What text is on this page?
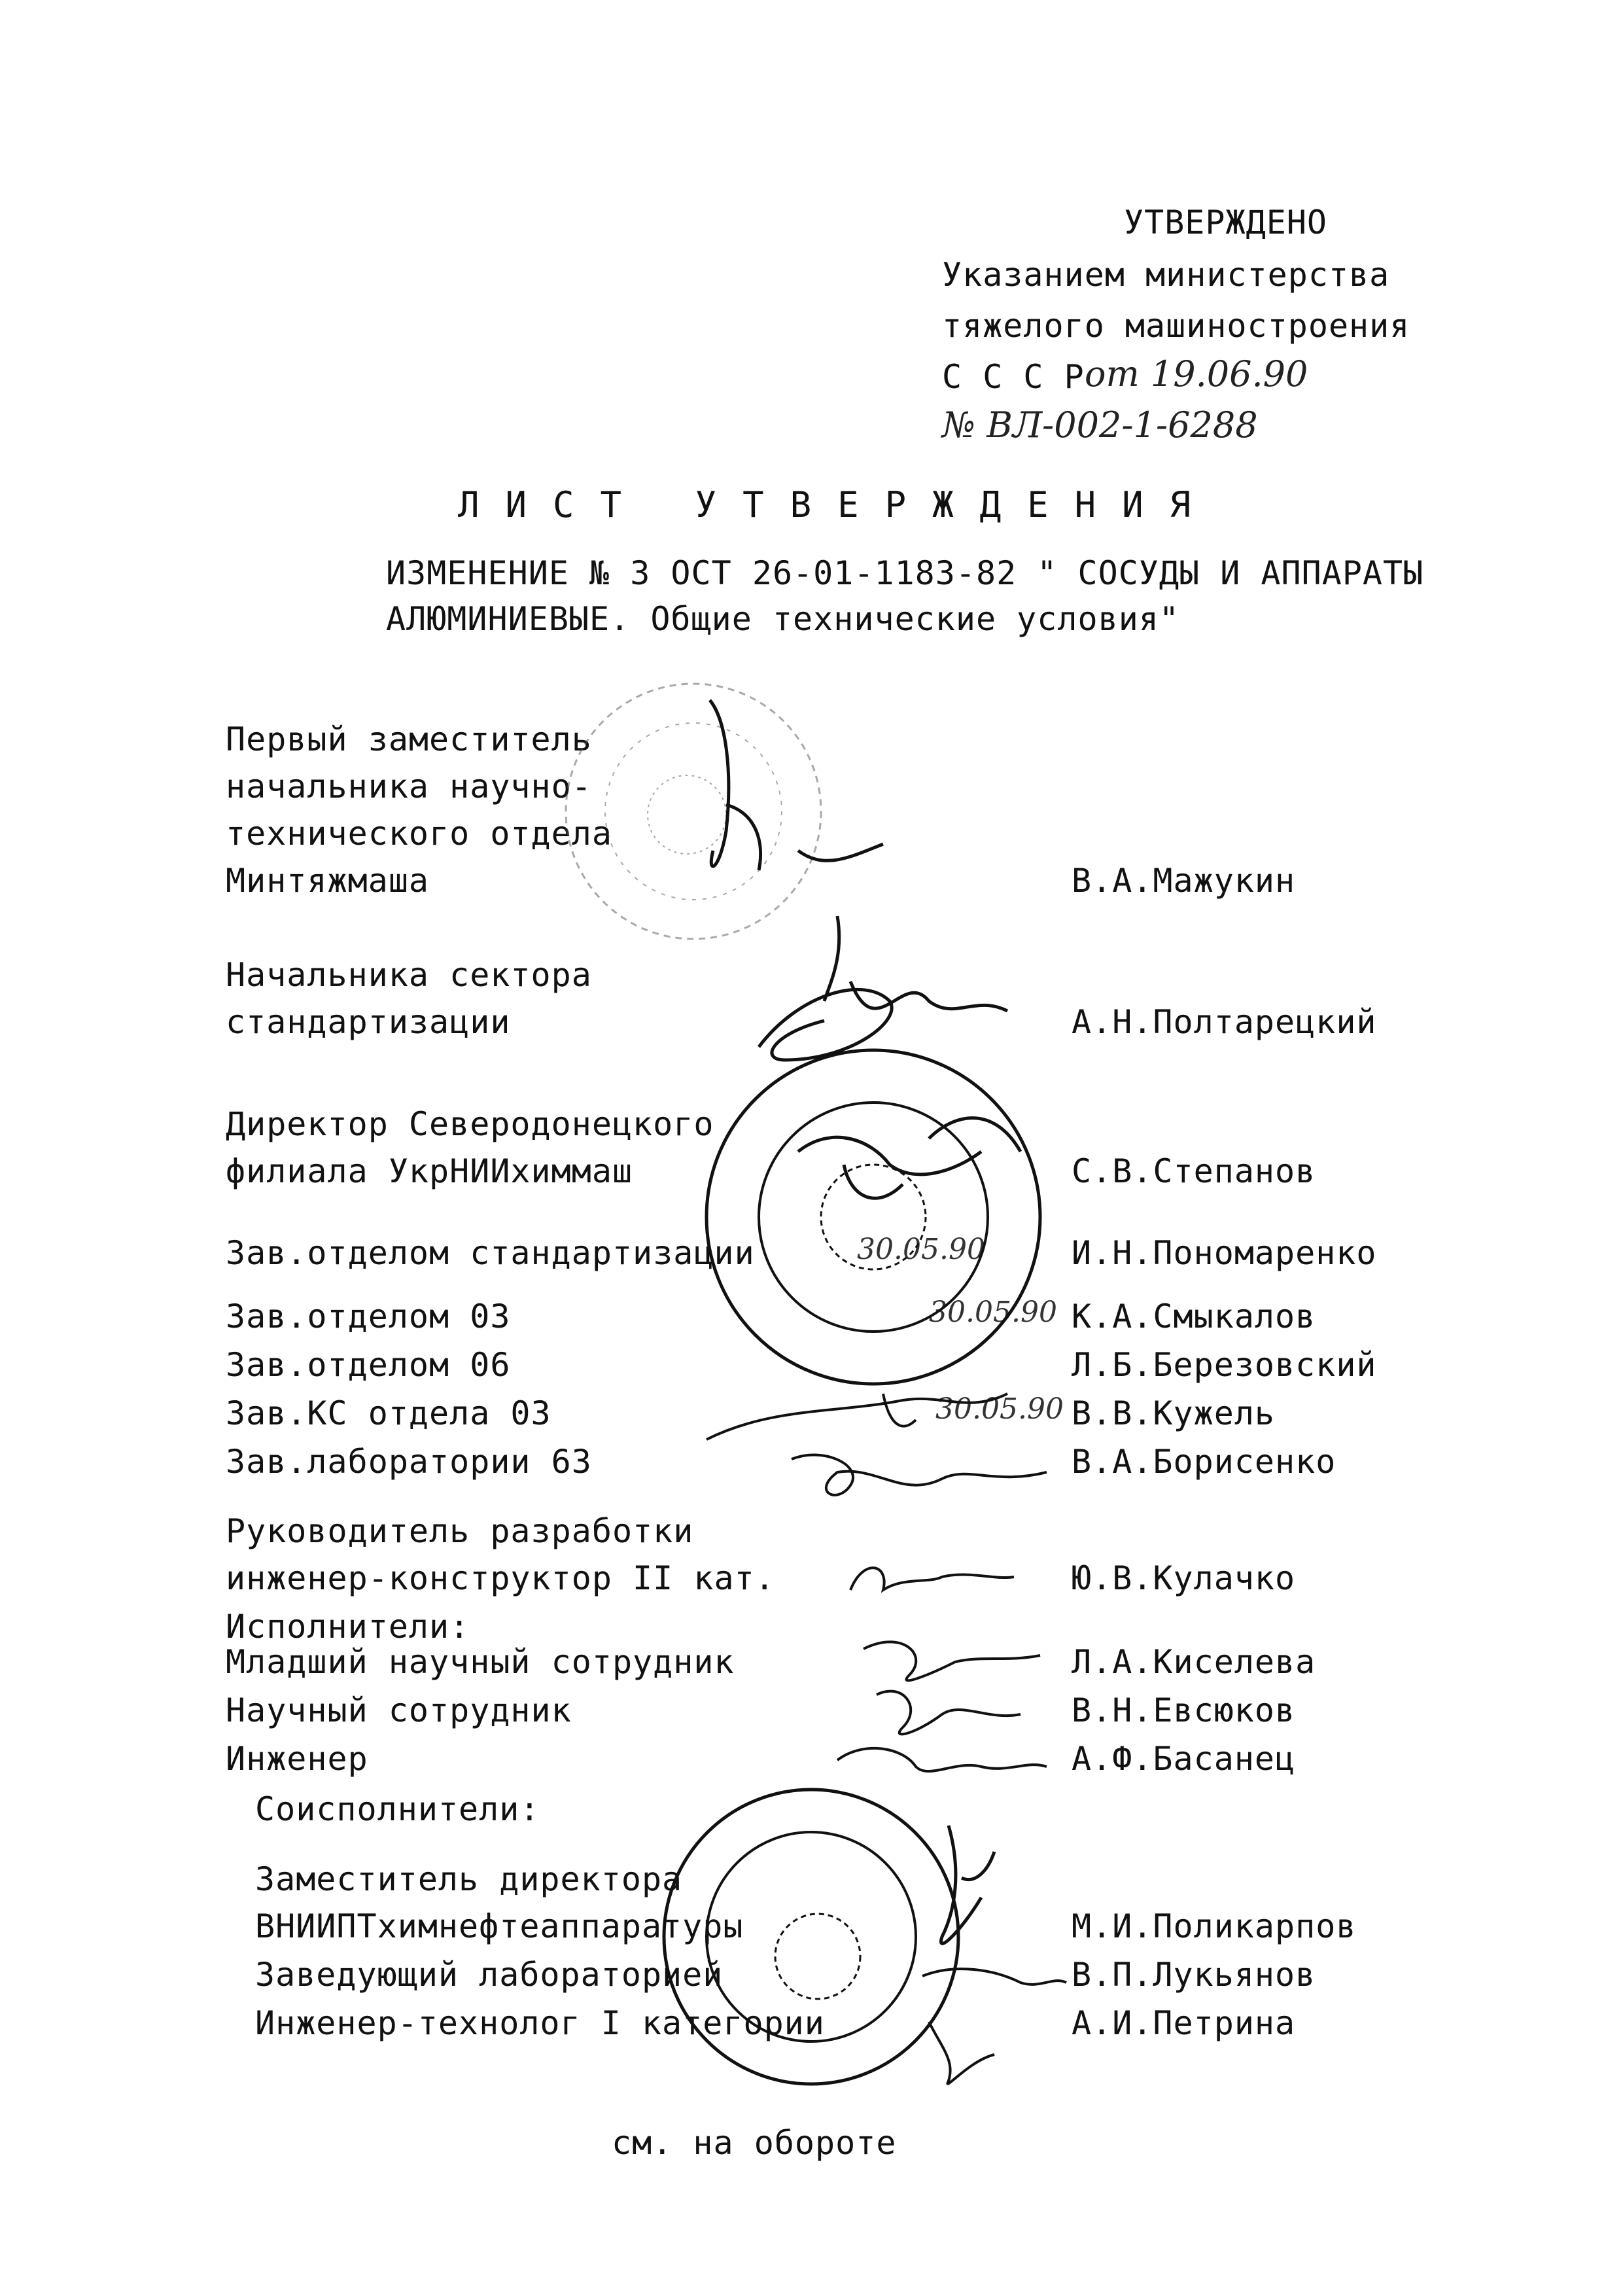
УТВЕРЖДЕНО
Указанием министерства
тяжелого машиностроения
С С С Р от 19.06.90
№ ВЛ-002-1-6288
ЛИСТ УТВЕРЖДЕНИЯ
ИЗМЕНЕНИЕ № 3 ОСТ 26-01-1183-82 " СОСУДЫ И АППАРАТЫ
АЛЮМИНИЕВЫЕ. Общие технические условия"
Первый заместитель
начальника научно-
технического отдела
Минтяжмаша	В.А.Мажукин
Начальника сектора
стандартизации	А.Н.Полтарецкий
Директор Северодонецкого
филиала УкрНИИхиммаш	С.В.Степанов
Зав.отделом стандартизации	И.Н.Пономаренко
Зав.отделом 03	К.А.Смыкалов
Зав.отделом 06	Л.Б.Березовский
Зав.КС отдела 03	В.В.Кужель
Зав.лаборатории 63	В.А.Борисенко
Руководитель разработки
инженер-конструктор II кат.	Ю.В.Кулачко
Исполнители:
Младший научный сотрудник	Л.А.Киселева
Научный сотрудник	В.Н.Евсюков
Инженер	А.Ф.Басанец
Соисполнители:
Заместитель директора
ВНИИПТхимнефтеаппаратуры	М.И.Поликарпов
Заведующий лабораторией	В.П.Лукьянов
Инженер-технолог I категории	А.И.Петрина
30.05.90
30.05.90
30.05.90
см. на обороте
